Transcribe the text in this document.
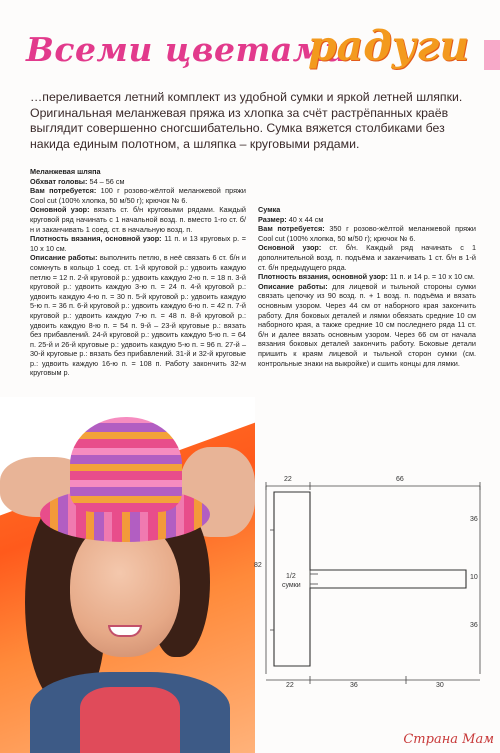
Всеми цветами
радуги

…переливается летний комплект из удобной сумки и яркой летней шляпки. Оригинальная меланжевая пряжа из хлопка за счёт растрёпанных краёв выглядит совершенно сногсшибательно. Сумка вяжется столбиками без накида единым полотном, а шляпка – круговыми рядами.

Меланжевая шляпа

Обхват головы: 54 – 56 см

Вам потребуется: 100 г розово-жёлтой меланжевой пряжи Cool cut (100% хлопка, 50 м/50 г); крючок № 6.

Основной узор: вязать ст. б/н круговыми рядами. Каждый круговой ряд начинать с 1 начальной возд. п. вместо 1-го ст. б/н и заканчивать 1 соед. ст. в начальную возд. п.

Плотность вязания, основной узор: 11 п. и 13 круговых р. = 10 х 10 см.

Описание работы: выполнить петлю, в неё связать 6 ст. б/н и сомкнуть в кольцо 1 соед. ст. 1-й круговой р.: удвоить каждую петлю = 12 п. 2-й круговой р.: удвоить каждую 2-ю п. = 18 п. 3-й круговой р.: удвоить каждую 3-ю п. = 24 п. 4-й круговой р.: удвоить каждую 4-ю п. = 30 п. 5-й круговой р.: удвоить каждую 5-ю п. = 36 п. 6-й круговой р.: удвоить каждую 6-ю п. = 42 п. 7-й круговой р.: удвоить каждую 7-ю п. = 48 п. 8-й круговой р.: удвоить каждую 8-ю п. = 54 п. 9-й – 23-й круговые р.: вязать без прибавлений. 24-й круговой р.: удвоить каждую 5-ю п. = 64 п. 25-й и 26-й круговые р.: удвоить каждую 5-ю п. = 96 п. 27-й – 30-й круговые р.: вязать без прибавлений. 31-й и 32-й круговые р.: удвоить каждую 16-ю п. = 108 п. Работу закончить 32-м круговым р.

Сумка

Размер: 40 х 44 см

Вам потребуется: 350 г розово-жёлтой меланжевой пряжи Cool cut (100% хлопка, 50 м/50 г); крючок № 6.

Основной узор: ст. б/н. Каждый ряд начинать с 1 дополнительной возд. п. подъёма и заканчивать 1 ст. б/н в 1-й ст. б/н предыдущего ряда.

Плотность вязания, основной узор: 11 п. и 14 р. = 10 х 10 см.

Описание работы: для лицевой и тыльной стороны сумки связать цепочку из 90 возд. п. + 1 возд. п. подъёма и вязать основным узором. Через 44 см от наборного края закончить работу. Для боковых деталей и лямки обвязать средние 10 см наборного края, а также средние 10 см последнего ряда 11 ст. б/н и далее вязать основным узором. Через 66 см от начала вязания боковых деталей закончить работу. Боковые детали пришить к краям лицевой и тыльной сторон сумки (см. контрольные знаки на выкройке) и сшить концы для лямки.

22	66
82
36
36
1/2
сумки
10
22	36	30
Страна Мам
